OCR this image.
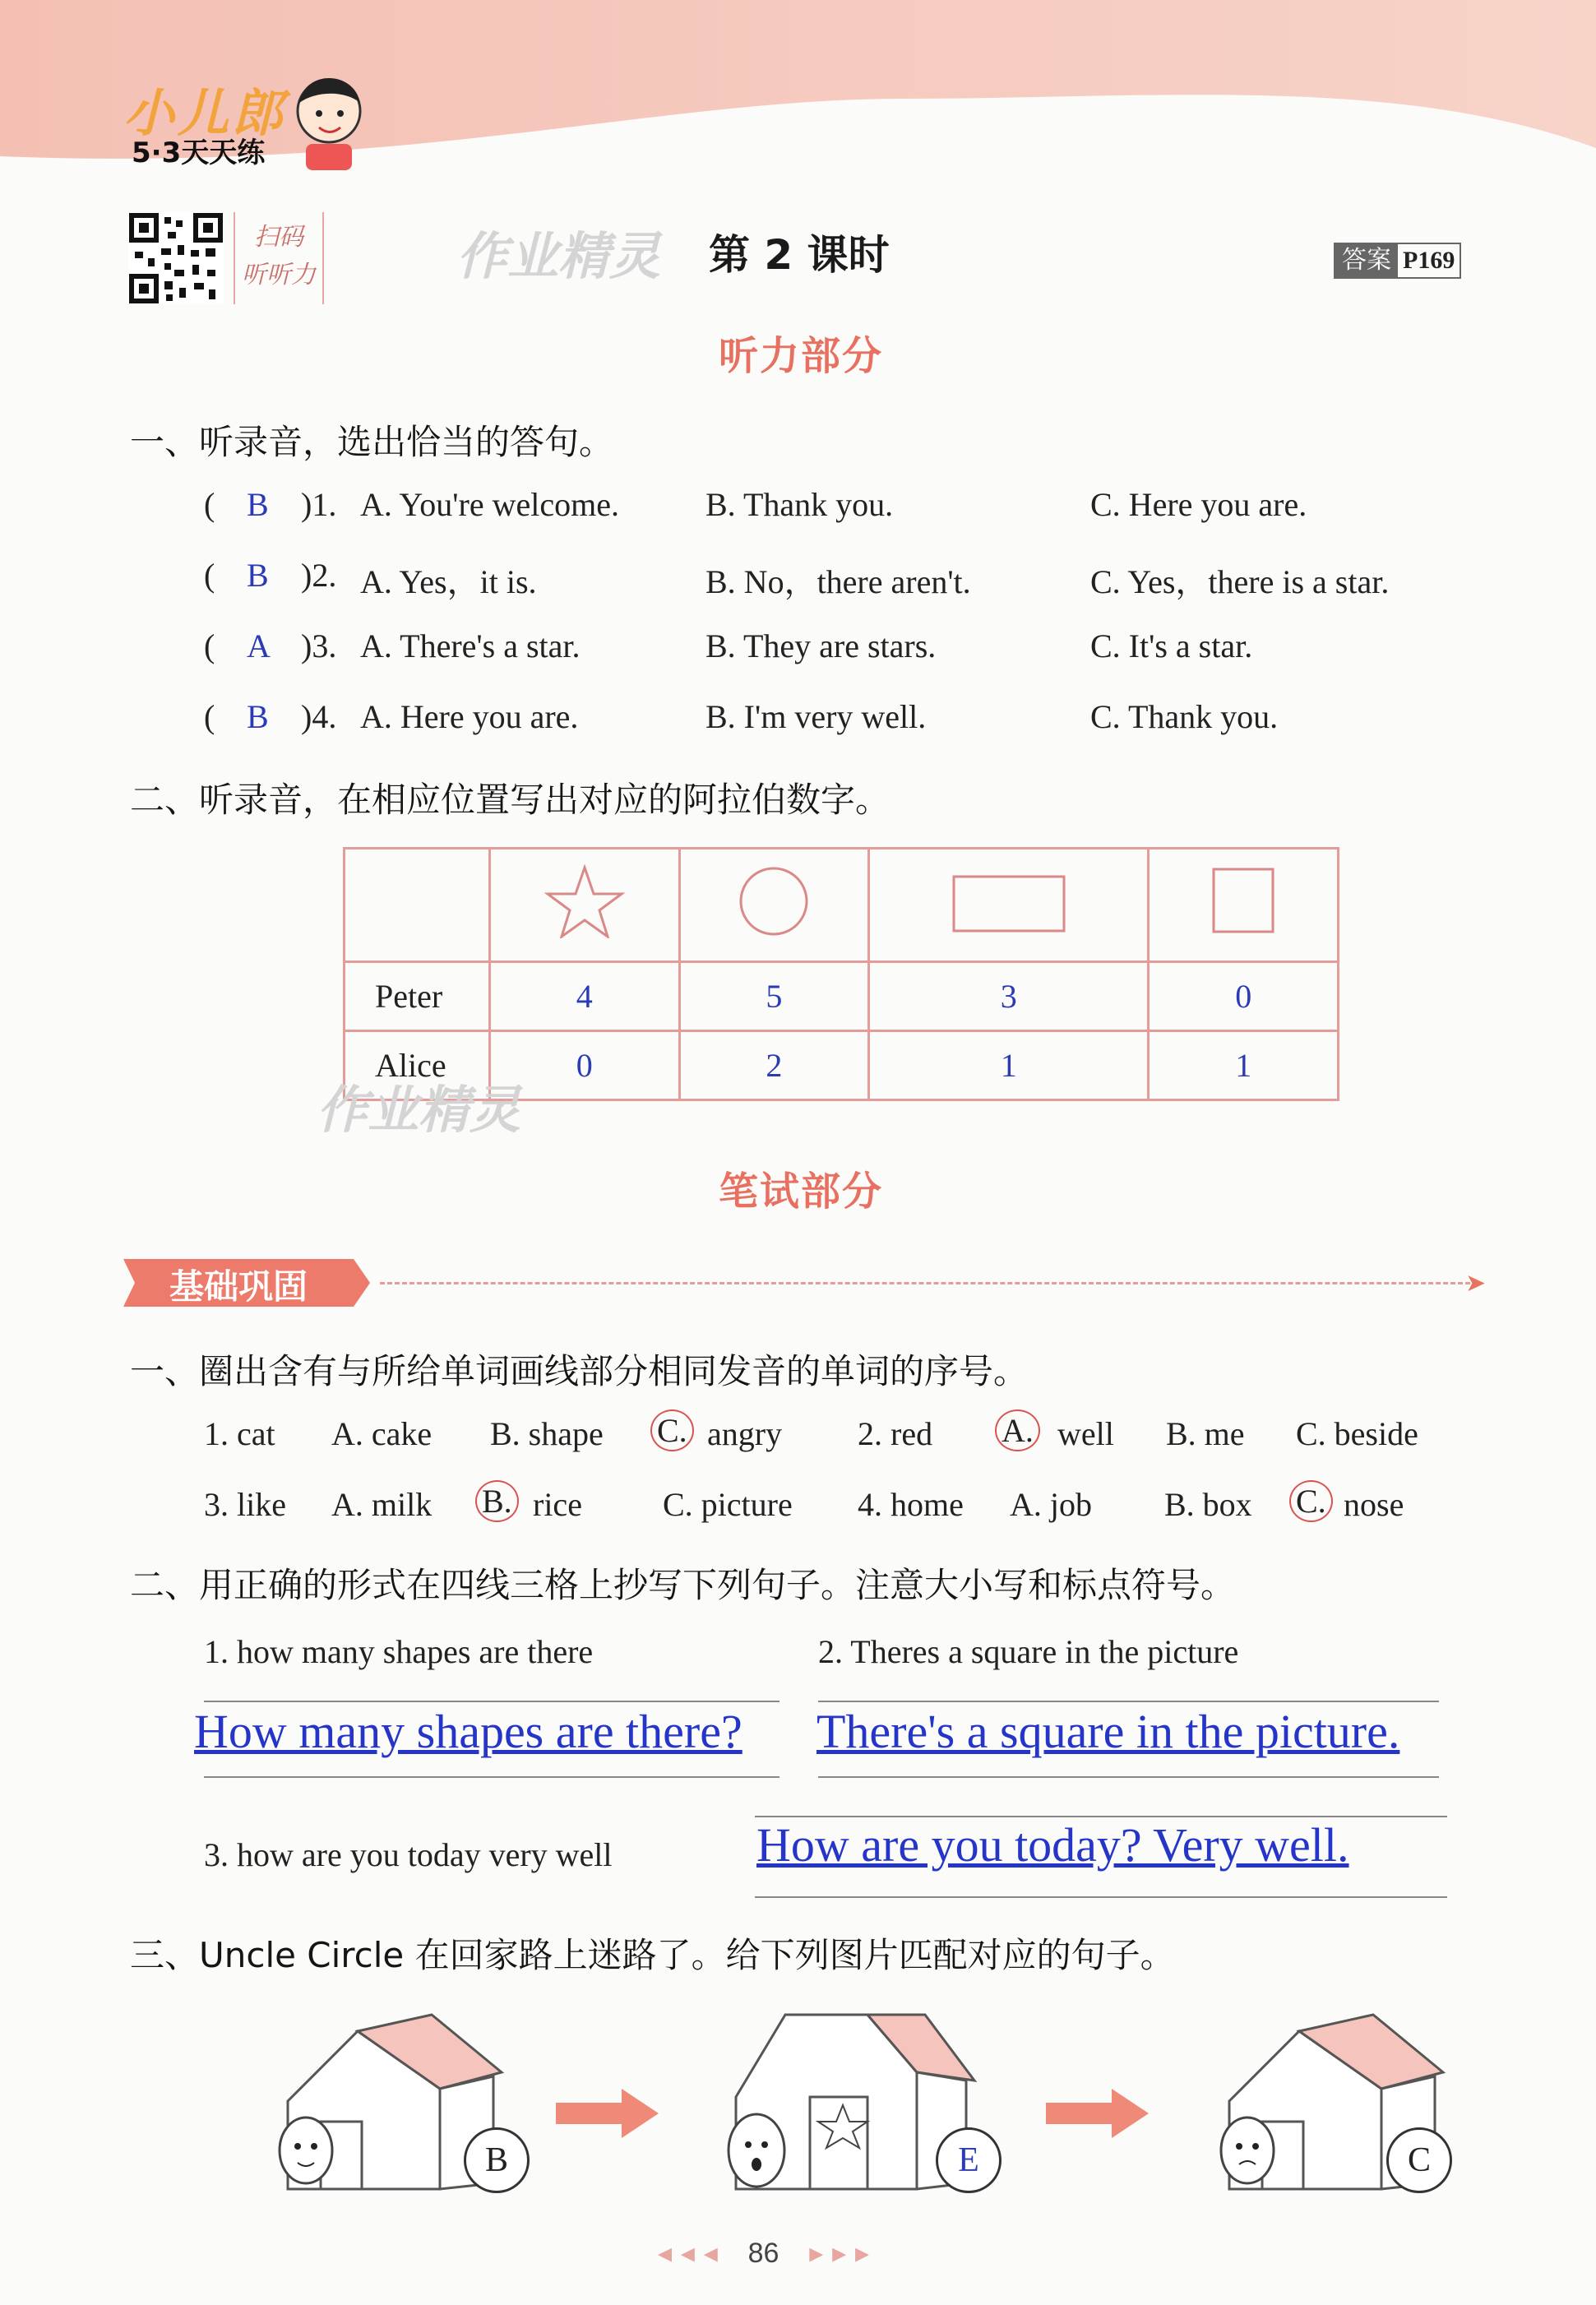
小儿郎
5·3天天练
扫码
听听力	作业精灵 第 2 课时	答案 P169
听力部分
一、听录音，选出恰当的答句。
( B )1. A. You're welcome.	B. Thank you.	C. Here you are.
( B )2. A. Yes，it is.	B. No，there aren't.	C. Yes，there is a star.
( A )3. A. There's a star.	B. They are stars.	C. It's a star.
( B )4. A. Here you are.	B. I'm very well.	C. Thank you.
二、听录音，在相应位置写出对应的阿拉伯数字。

Peter	4	5	3	0
Alice	0	2	1	1
作业精灵
笔试部分
基础巩固	➤
一、圈出含有与所给单词画线部分相同发音的单词的序号。
1. cat A. cake B. shape C. angry 2. red A. well B. me C. beside
3. like A. milk B. rice C. picture 4. home A. job B. box C. nose
二、用正确的形式在四线三格上抄写下列句子。注意大小写和标点符号。
1. how many shapes are there	2. Theres a square in the picture
How many shapes are there? There's a square in the picture.
3. how are you today very well	How are you today? Very well.
三、Uncle Circle 在回家路上迷路了。给下列图片匹配对应的句子。
B	E	C
◂ ◂ ◂ 86 ▸ ▸ ▸
